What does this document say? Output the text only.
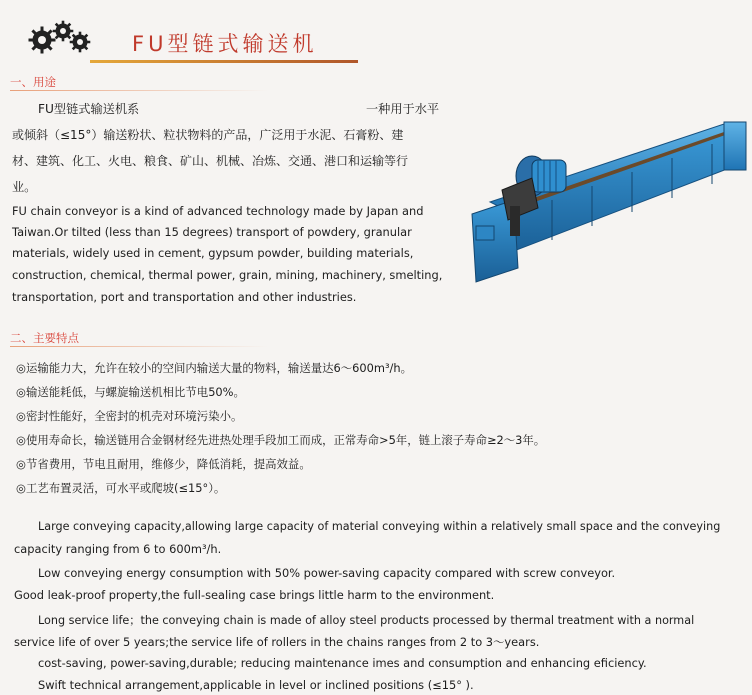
FU型链式输送机
一、用途
FU型链式输送机系	一种用于水平
或倾斜（≤15°）输送粉状、粒状物料的产品，广泛用于水泥、石膏粉、建
材、建筑、化工、火电、粮食、矿山、机械、冶炼、交通、港口和运输等行
业。
FU chain conveyor is a kind of advanced technology made by Japan and
Taiwan.Or tilted (less than 15 degrees) transport of powdery, granular
materials, widely used in cement, gypsum powder, building materials,
construction, chemical, thermal power, grain, mining, machinery, smelting,
transportation, port and transportation and other industries.
二、主要特点
◎运输能力大，允许在较小的空间内输送大量的物料，输送量达6～600m³/h。
◎输送能耗低，与螺旋输送机相比节电50%。
◎密封性能好，全密封的机壳对环境污染小。
◎使用寿命长，输送链用合金钢材经先进热处理手段加工而成，正常寿命>5年，链上滚子寿命≥2～3年。
◎节省费用，节电且耐用，维修少，降低消耗，提高效益。
◎工艺布置灵活，可水平或爬坡(≤15°）。
Large conveying capacity,allowing large capacity of material conveying within a relatively small space and the conveying
capacity ranging from 6 to 600m³/h.
Low conveying energy consumption with 50% power-saving capacity compared with screw conveyor.
Good leak-proof property,the full-sealing case brings little harm to the environment.
Long service life；the conveying chain is made of alloy steel products processed by thermal treatment with a normal
service life of over 5 years;the service life of rollers in the chains ranges from 2 to 3～years.
cost-saving, power-saving,durable; reducing maintenance imes and consumption and enhancing eficiency.
Swift technical arrangement,applicable in level or inclined positions (≤15° ).
